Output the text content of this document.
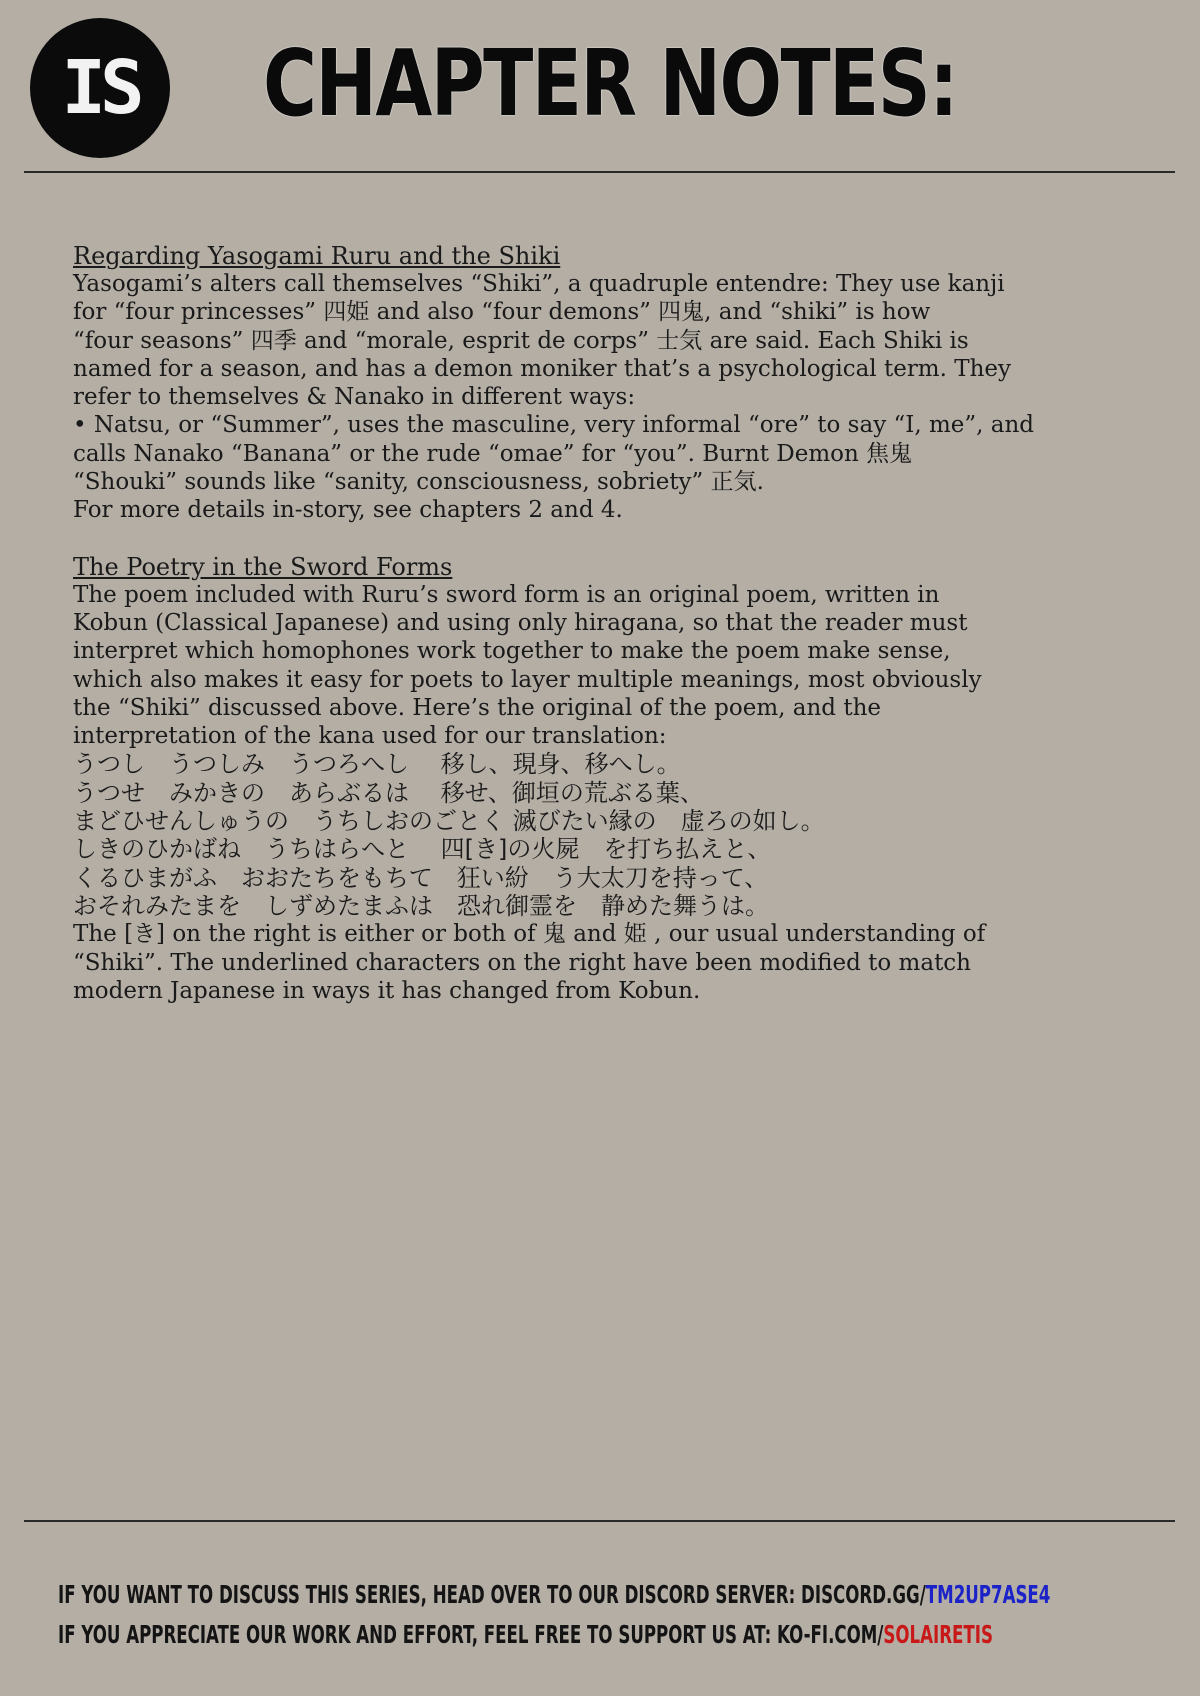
IS	CHAPTER NOTES:
Regarding Yasogami Ruru and the Shiki
Yasogami’s alters call themselves “Shiki”, a quadruple entendre: They use kanji
for “four princesses” 四姫 and also “four demons” 四鬼, and “shiki” is how
“four seasons” 四季 and “morale, esprit de corps” 士気 are said. Each Shiki is
named for a season, and has a demon moniker that’s a psychological term. They
refer to themselves & Nanako in different ways:
• Natsu, or “Summer”, uses the masculine, very informal “ore” to say “I, me”, and
calls Nanako “Banana” or the rude “omae” for “you”. Burnt Demon 焦鬼
“Shouki” sounds like “sanity, consciousness, sobriety” 正気.
For more details in-story, see chapters 2 and 4.
The Poetry in the Sword Forms
The poem included with Ruru’s sword form is an original poem, written in
Kobun (Classical Japanese) and using only hiragana, so that the reader must
interpret which homophones work together to make the poem make sense,
which also makes it easy for poets to layer multiple meanings, most obviously
the “Shiki” discussed above. Here’s the original of the poem, and the
interpretation of the kana used for our translation:
うつし　うつしみ　うつろへし　 移し、現身、移へし。
うつせ　みかきの　あらぶるは　 移せ、御垣の荒ぶる葉、
まどひせんしゅうの　うちしおのごとく 滅びたい縁の　虚ろの如し。
しきのひかばね　うちはらへと　 四[き]の火屍　を打ち払えと、
くるひまがふ　おおたちをもちて　狂い紛　う大太刀を持って、
おそれみたまを　しずめたまふは　恐れ御霊を　静めた舞うは。
The [き] on the right is either or both of 鬼 and 姫 , our usual understanding of
“Shiki”. The underlined characters on the right have been modified to match
modern Japanese in ways it has changed from Kobun.
IF YOU WANT TO DISCUSS THIS SERIES, HEAD OVER TO OUR DISCORD SERVER: DISCORD.GG/TM2UP7ASE4
IF YOU APPRECIATE OUR WORK AND EFFORT, FEEL FREE TO SUPPORT US AT: KO-FI.COM/SOLAIRETIS
